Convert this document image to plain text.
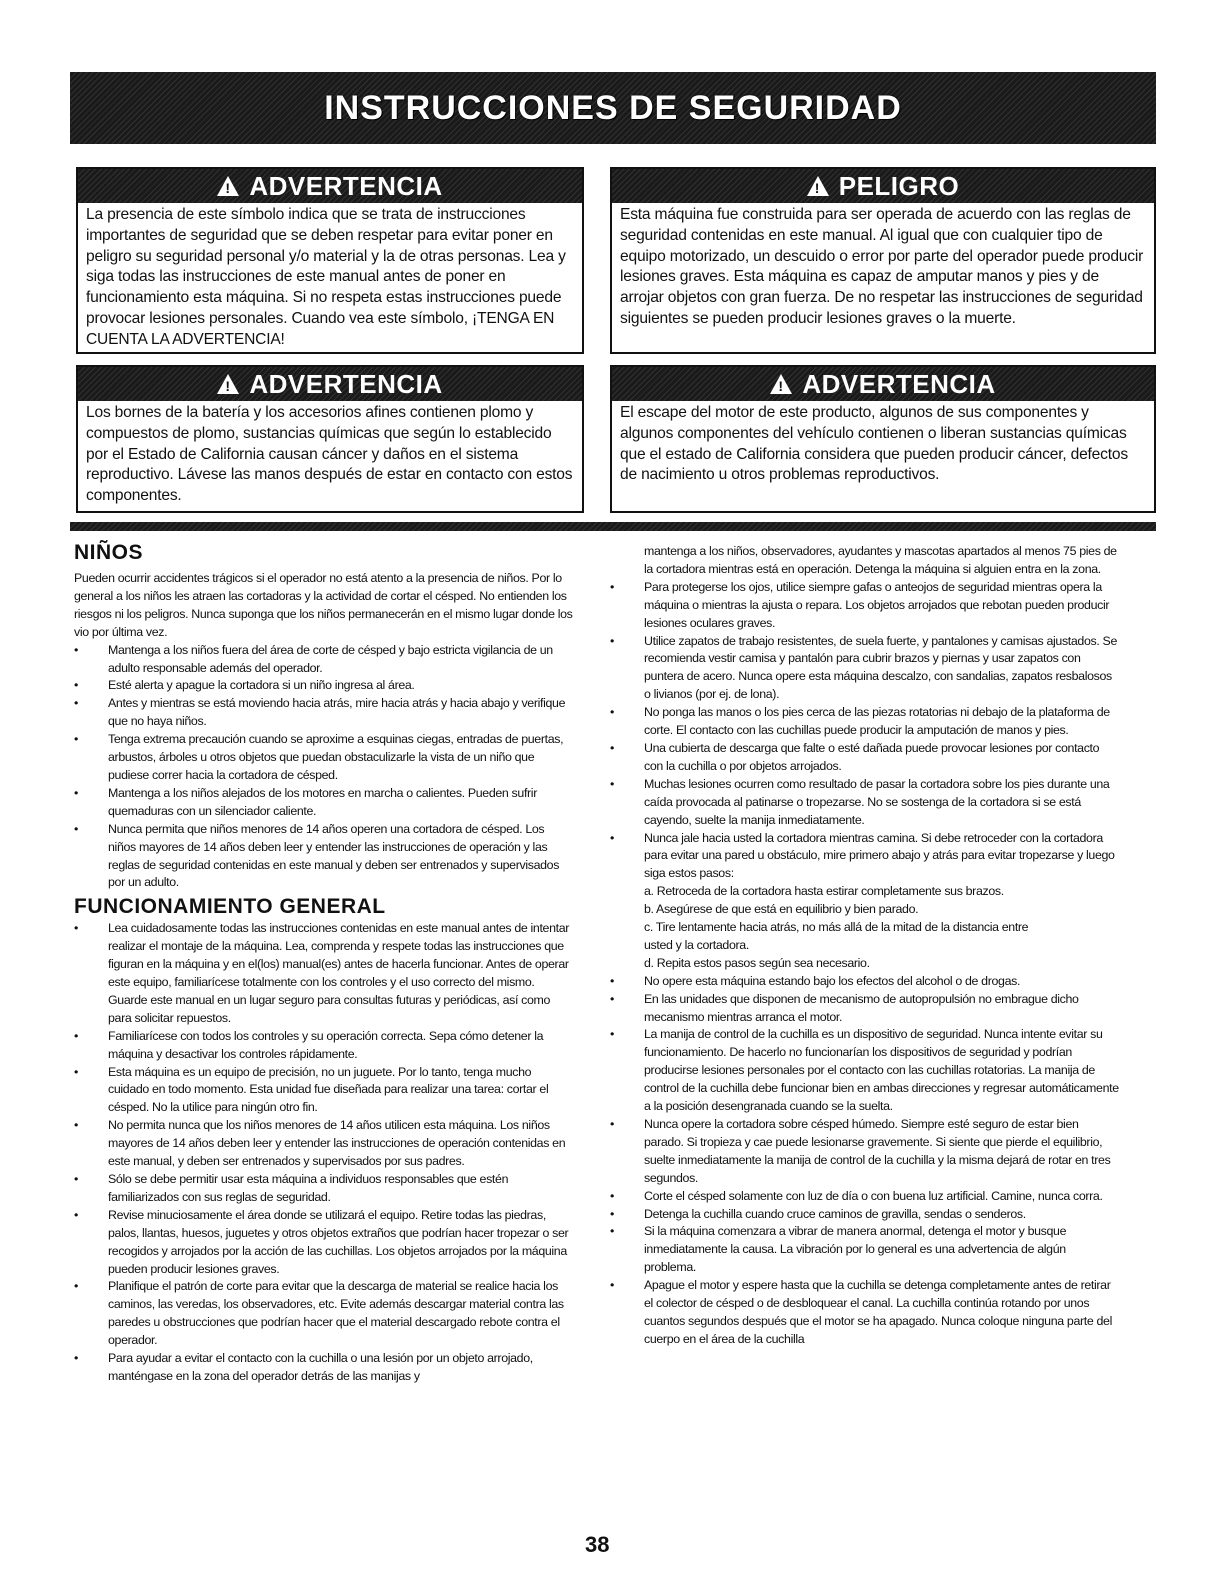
INSTRUCCIONES DE SEGURIDAD
!
ADVERTENCIA
La presencia de este símbolo indica que se trata de instrucciones importantes de seguridad que se deben respetar para evitar poner en peligro su seguridad personal y/o material y la de otras personas. Lea y siga todas las instrucciones de este manual antes de poner en funcionamiento esta máquina. Si no respeta estas instrucciones puede provocar lesiones personales. Cuando vea este símbolo, ¡TENGA EN CUENTA LA ADVERTENCIA!
!
PELIGRO
Esta máquina fue construida para ser operada de acuerdo con las reglas de seguridad contenidas en este manual. Al igual que con cualquier tipo de equipo motorizado, un descuido o error por parte del operador puede producir lesiones graves. Esta máquina es capaz de amputar manos y pies y de arrojar objetos con gran fuerza. De no respetar las instrucciones de seguridad siguientes se pueden producir lesiones graves o la muerte.
!
ADVERTENCIA
Los bornes de la batería y los accesorios afines contienen plomo y compuestos de plomo, sustancias químicas que según lo establecido por el Estado de California causan cáncer y daños en el sistema reproductivo. Lávese las manos después de estar en contacto con estos componentes.
!
ADVERTENCIA
El escape del motor de este producto, algunos de sus componentes y algunos componentes del vehículo contienen o liberan sustancias químicas que el estado de California considera que pueden producir cáncer, defectos de nacimiento u otros problemas reproductivos.
NIÑOS

Pueden ocurrir accidentes trágicos si el operador no está atento a la presencia de niños. Por lo general a los niños les atraen las cortadoras y la actividad de cortar el césped. No entienden los riesgos ni los peligros. Nunca suponga que los niños permanecerán en el mismo lugar donde los vio por última vez.

• Mantenga a los niños fuera del área de corte de césped y bajo estricta vigilancia de un adulto responsable además del operador.
• Esté alerta y apague la cortadora si un niño ingresa al área.
• Antes y mientras se está moviendo hacia atrás, mire hacia atrás y hacia abajo y verifique que no haya niños.
• Tenga extrema precaución cuando se aproxime a esquinas ciegas, entradas de puertas, arbustos, árboles u otros objetos que puedan obstaculizarle la vista de un niño que pudiese correr hacia la cortadora de césped.
• Mantenga a los niños alejados de los motores en marcha o calientes. Pueden sufrir quemaduras con un silenciador caliente.
• Nunca permita que niños menores de 14 años operen una cortadora de césped. Los niños mayores de 14 años deben leer y entender las instrucciones de operación y las reglas de seguridad contenidas en este manual y deben ser entrenados y supervisados por un adulto.
FUNCIONAMIENTO GENERAL
• Lea cuidadosamente todas las instrucciones contenidas en este manual antes de intentar realizar el montaje de la máquina. Lea, comprenda y respete todas las instrucciones que figuran en la máquina y en el(los) manual(es) antes de hacerla funcionar. Antes de operar este equipo, familiarícese totalmente con los controles y el uso correcto del mismo. Guarde este manual en un lugar seguro para consultas futuras y periódicas, así como para solicitar repuestos.
• Familiarícese con todos los controles y su operación correcta. Sepa cómo detener la máquina y desactivar los controles rápidamente.
• Esta máquina es un equipo de precisión, no un juguete. Por lo tanto, tenga mucho cuidado en todo momento. Esta unidad fue diseñada para realizar una tarea: cortar el césped. No la utilice para ningún otro fin.
• No permita nunca que los niños menores de 14 años utilicen esta máquina. Los niños mayores de 14 años deben leer y entender las instrucciones de operación contenidas en este manual, y deben ser entrenados y supervisados por sus padres.
• Sólo se debe permitir usar esta máquina a individuos responsables que estén familiarizados con sus reglas de seguridad.
• Revise minuciosamente el área donde se utilizará el equipo. Retire todas las piedras, palos, llantas, huesos, juguetes y otros objetos extraños que podrían hacer tropezar o ser recogidos y arrojados por la acción de las cuchillas. Los objetos arrojados por la máquina pueden producir lesiones graves.
• Planifique el patrón de corte para evitar que la descarga de material se realice hacia los caminos, las veredas, los observadores, etc. Evite además descargar material contra las paredes u obstrucciones que podrían hacer que el material descargado rebote contra el operador.
• Para ayudar a evitar el contacto con la cuchilla o una lesión por un objeto arrojado, manténgase en la zona del operador detrás de las manijas y

mantenga a los niños, observadores, ayudantes y mascotas apartados al menos 75 pies de la cortadora mientras está en operación. Detenga la máquina si alguien entra en la zona.

• Para protegerse los ojos, utilice siempre gafas o anteojos de seguridad mientras opera la máquina o mientras la ajusta o repara. Los objetos arrojados que rebotan pueden producir lesiones oculares graves.
• Utilice zapatos de trabajo resistentes, de suela fuerte, y pantalones y camisas ajustados. Se recomienda vestir camisa y pantalón para cubrir brazos y piernas y usar zapatos con puntera de acero. Nunca opere esta máquina descalzo, con sandalias, zapatos resbalosos o livianos (por ej. de lona).
• No ponga las manos o los pies cerca de las piezas rotatorias ni debajo de la plataforma de corte. El contacto con las cuchillas puede producir la amputación de manos y pies.
• Una cubierta de descarga que falte o esté dañada puede provocar lesiones por contacto con la cuchilla o por objetos arrojados.
• Muchas lesiones ocurren como resultado de pasar la cortadora sobre los pies durante una caída provocada al patinarse o tropezarse. No se sostenga de la cortadora si se está cayendo, suelte la manija inmediatamente.
• Nunca jale hacia usted la cortadora mientras camina. Si debe retroceder con la cortadora para evitar una pared u obstáculo, mire primero abajo y atrás para evitar tropezarse y luego siga estos pasos:
a. Retroceda de la cortadora hasta estirar completamente sus brazos.
b. Asegúrese de que está en equilibrio y bien parado.
c. Tire lentamente hacia atrás, no más allá de la mitad de la distancia entre
usted y la cortadora.
d. Repita estos pasos según sea necesario.
• No opere esta máquina estando bajo los efectos del alcohol o de drogas.
• En las unidades que disponen de mecanismo de autopropulsión no embrague dicho mecanismo mientras arranca el motor.
• La manija de control de la cuchilla es un dispositivo de seguridad. Nunca intente evitar su funcionamiento. De hacerlo no funcionarían los dispositivos de seguridad y podrían producirse lesiones personales por el contacto con las cuchillas rotatorias. La manija de control de la cuchilla debe funcionar bien en ambas direcciones y regresar automáticamente a la posición desengranada cuando se la suelta.
• Nunca opere la cortadora sobre césped húmedo. Siempre esté seguro de estar bien parado. Si tropieza y cae puede lesionarse gravemente. Si siente que pierde el equilibrio, suelte inmediatamente la manija de control de la cuchilla y la misma dejará de rotar en tres segundos.
• Corte el césped solamente con luz de día o con buena luz artificial. Camine, nunca corra.
• Detenga la cuchilla cuando cruce caminos de gravilla, sendas o senderos.
• Si la máquina comenzara a vibrar de manera anormal, detenga el motor y busque inmediatamente la causa. La vibración por lo general es una advertencia de algún problema.
• Apague el motor y espere hasta que la cuchilla se detenga completamente antes de retirar el colector de césped o de desbloquear el canal. La cuchilla continúa rotando por unos cuantos segundos después que el motor se ha apagado. Nunca coloque ninguna parte del cuerpo en el área de la cuchilla
38
